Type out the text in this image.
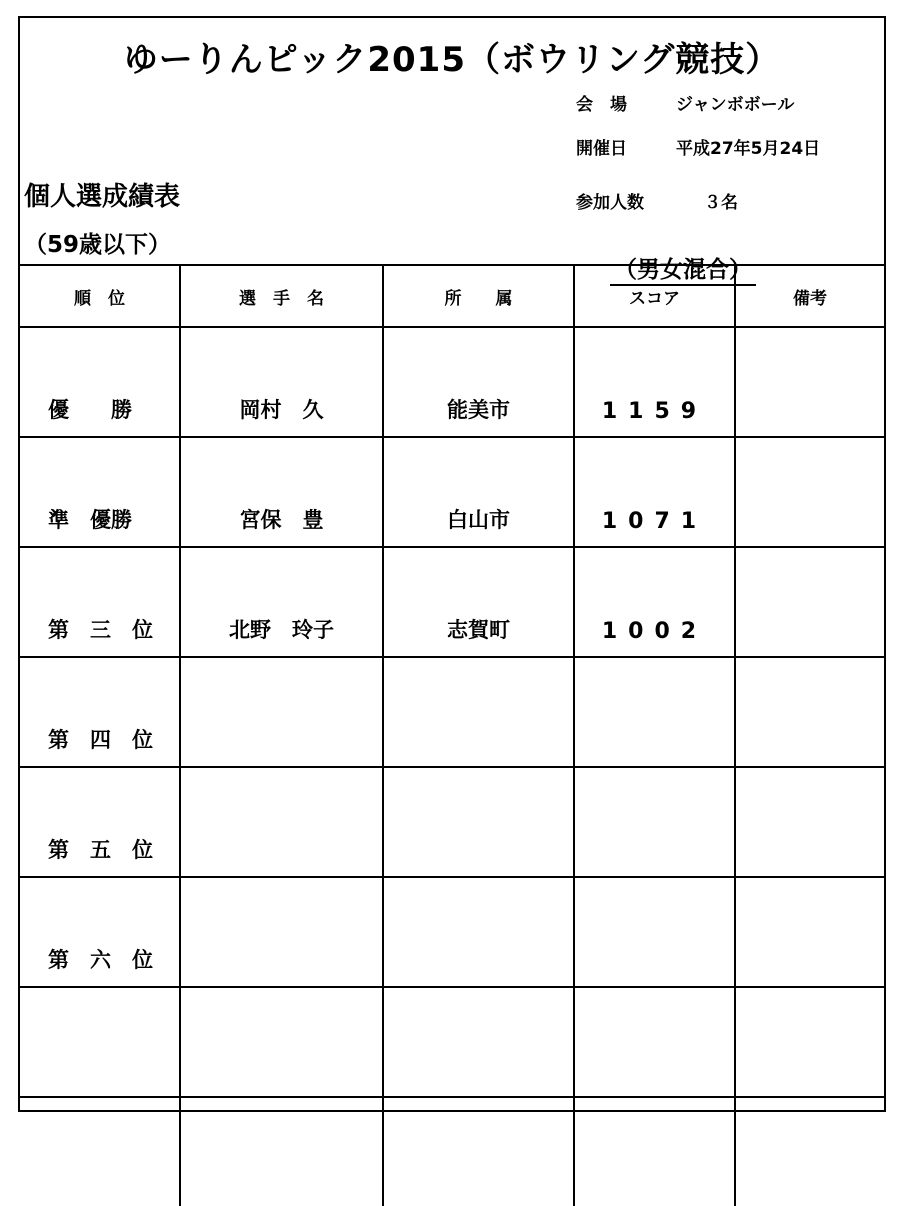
ゆーりんピック2015（ボウリング競技）
会　場	ジャンボボール
開催日	平成27年5月24日
参加人数	３名
個人選成績表
（59歳以下）
（男女混合）
順　位	選　手　名	所　　属	スコア	備考
優　　勝	岡村　久	能美市	1159	
準　優勝	宮保　豊	白山市	1071	
第　三　位	北野　玲子	志賀町	1002	
第　四　位				
第　五　位				
第　六　位				
